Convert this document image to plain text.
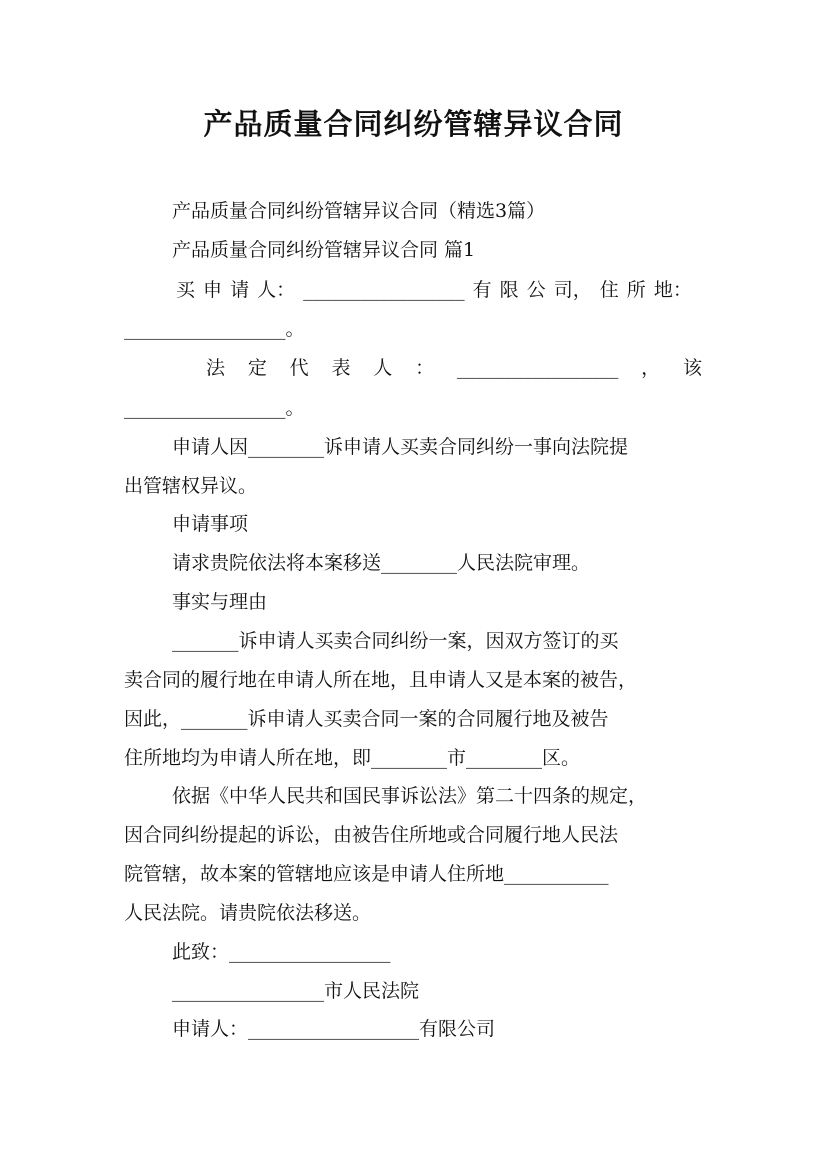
产品质量合同纠纷管辖异议合同
产品质量合同纠纷管辖异议合同（精选3篇）
产品质量合同纠纷管辖异议合同 篇1
买 申 请 人： _________________ 有 限 公 司， 住 所 地：
_________________。
法 定 代 表 人 ： _________________ ， 该
_________________。
申请人因________诉申请人买卖合同纠纷一事向法院提
出管辖权异议。
申请事项
请求贵院依法将本案移送________人民法院审理。
事实与理由
_______诉申请人买卖合同纠纷一案，因双方签订的买
卖合同的履行地在申请人所在地，且申请人又是本案的被告，
因此，_______诉申请人买卖合同一案的合同履行地及被告
住所地均为申请人所在地，即________市________区。
依据《中华人民共和国民事诉讼法》第二十四条的规定，
因合同纠纷提起的诉讼，由被告住所地或合同履行地人民法
院管辖，故本案的管辖地应该是申请人住所地___________
人民法院。请贵院依法移送。
此致：_________________
________________市人民法院
申请人：__________________有限公司
